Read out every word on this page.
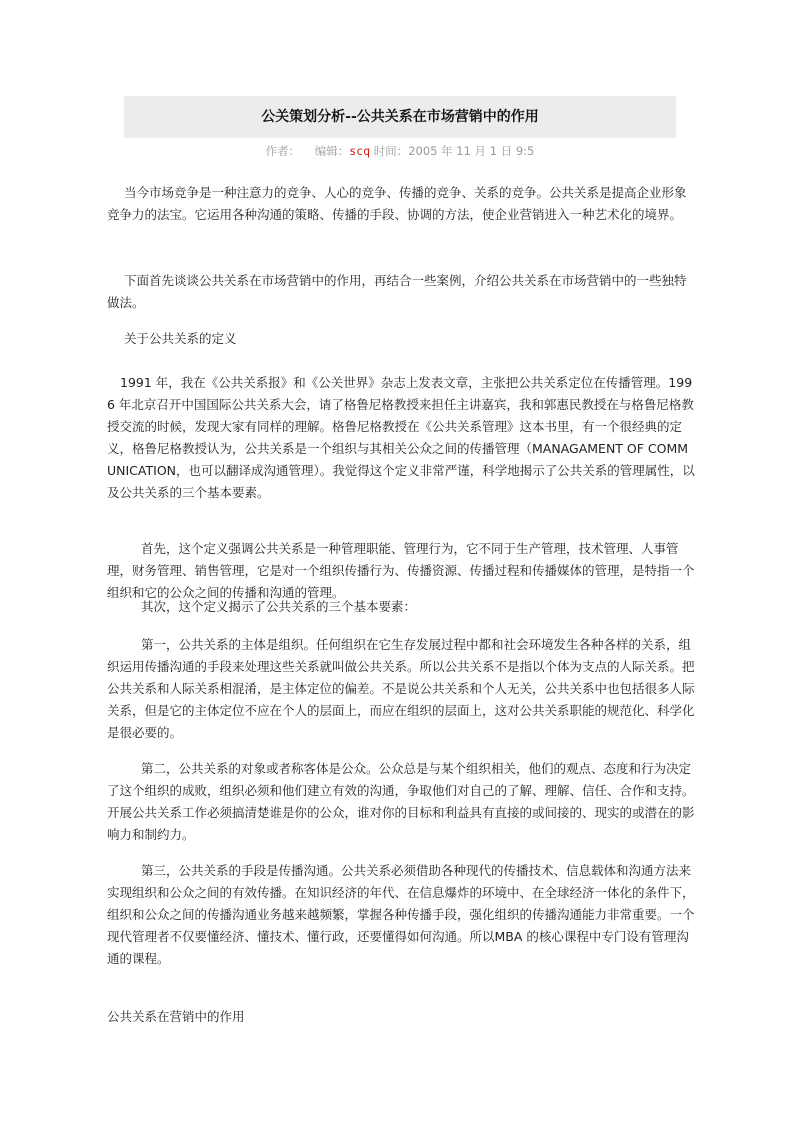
公关策划分析--公共关系在市场营销中的作用
作者： 编辑：scq 时间：2005 年 11 月 1 日 9:5

当今市场竞争是一种注意力的竞争、人心的竞争、传播的竞争、关系的竞争。公共关系是提高企业形象竞争力的法宝。它运用各种沟通的策略、传播的手段、协调的方法，使企业营销进入一种艺术化的境界。

下面首先谈谈公共关系在市场营销中的作用，再结合一些案例，介绍公共关系在市场营销中的一些独特做法。

关于公共关系的定义

1991 年，我在《公共关系报》和《公关世界》杂志上发表文章，主张把公共关系定位在传播管理。1996 年北京召开中国国际公共关系大会，请了格鲁尼格教授来担任主讲嘉宾，我和郭惠民教授在与格鲁尼格教授交流的时候，发现大家有同样的理解。格鲁尼格教授在《公共关系管理》这本书里，有一个很经典的定义，格鲁尼格教授认为，公共关系是一个组织与其相关公众之间的传播管理（MANAGAMENT OF COMMUNICATION，也可以翻译成沟通管理）。我觉得这个定义非常严谨，科学地揭示了公共关系的管理属性，以及公共关系的三个基本要素。

首先，这个定义强调公共关系是一种管理职能、管理行为，它不同于生产管理，技术管理、人事管理，财务管理、销售管理，它是对一个组织传播行为、传播资源、传播过程和传播媒体的管理，是特指一个组织和它的公众之间的传播和沟通的管理。

其次，这个定义揭示了公共关系的三个基本要素：

第一，公共关系的主体是组织。任何组织在它生存发展过程中都和社会环境发生各种各样的关系，组织运用传播沟通的手段来处理这些关系就叫做公共关系。所以公共关系不是指以个体为支点的人际关系。把公共关系和人际关系相混淆，是主体定位的偏差。不是说公共关系和个人无关，公共关系中也包括很多人际关系，但是它的主体定位不应在个人的层面上，而应在组织的层面上，这对公共关系职能的规范化、科学化是很必要的。

第二，公共关系的对象或者称客体是公众。公众总是与某个组织相关，他们的观点、态度和行为决定了这个组织的成败，组织必须和他们建立有效的沟通，争取他们对自己的了解、理解、信任、合作和支持。开展公共关系工作必须搞清楚谁是你的公众，谁对你的目标和利益具有直接的或间接的、现实的或潜在的影响力和制约力。

第三，公共关系的手段是传播沟通。公共关系必须借助各种现代的传播技术、信息载体和沟通方法来实现组织和公众之间的有效传播。在知识经济的年代、在信息爆炸的环境中、在全球经济一体化的条件下，组织和公众之间的传播沟通业务越来越频繁，掌握各种传播手段，强化组织的传播沟通能力非常重要。一个现代管理者不仅要懂经济、懂技术、懂行政，还要懂得如何沟通。所以MBA 的核心课程中专门设有管理沟通的课程。

公共关系在营销中的作用
